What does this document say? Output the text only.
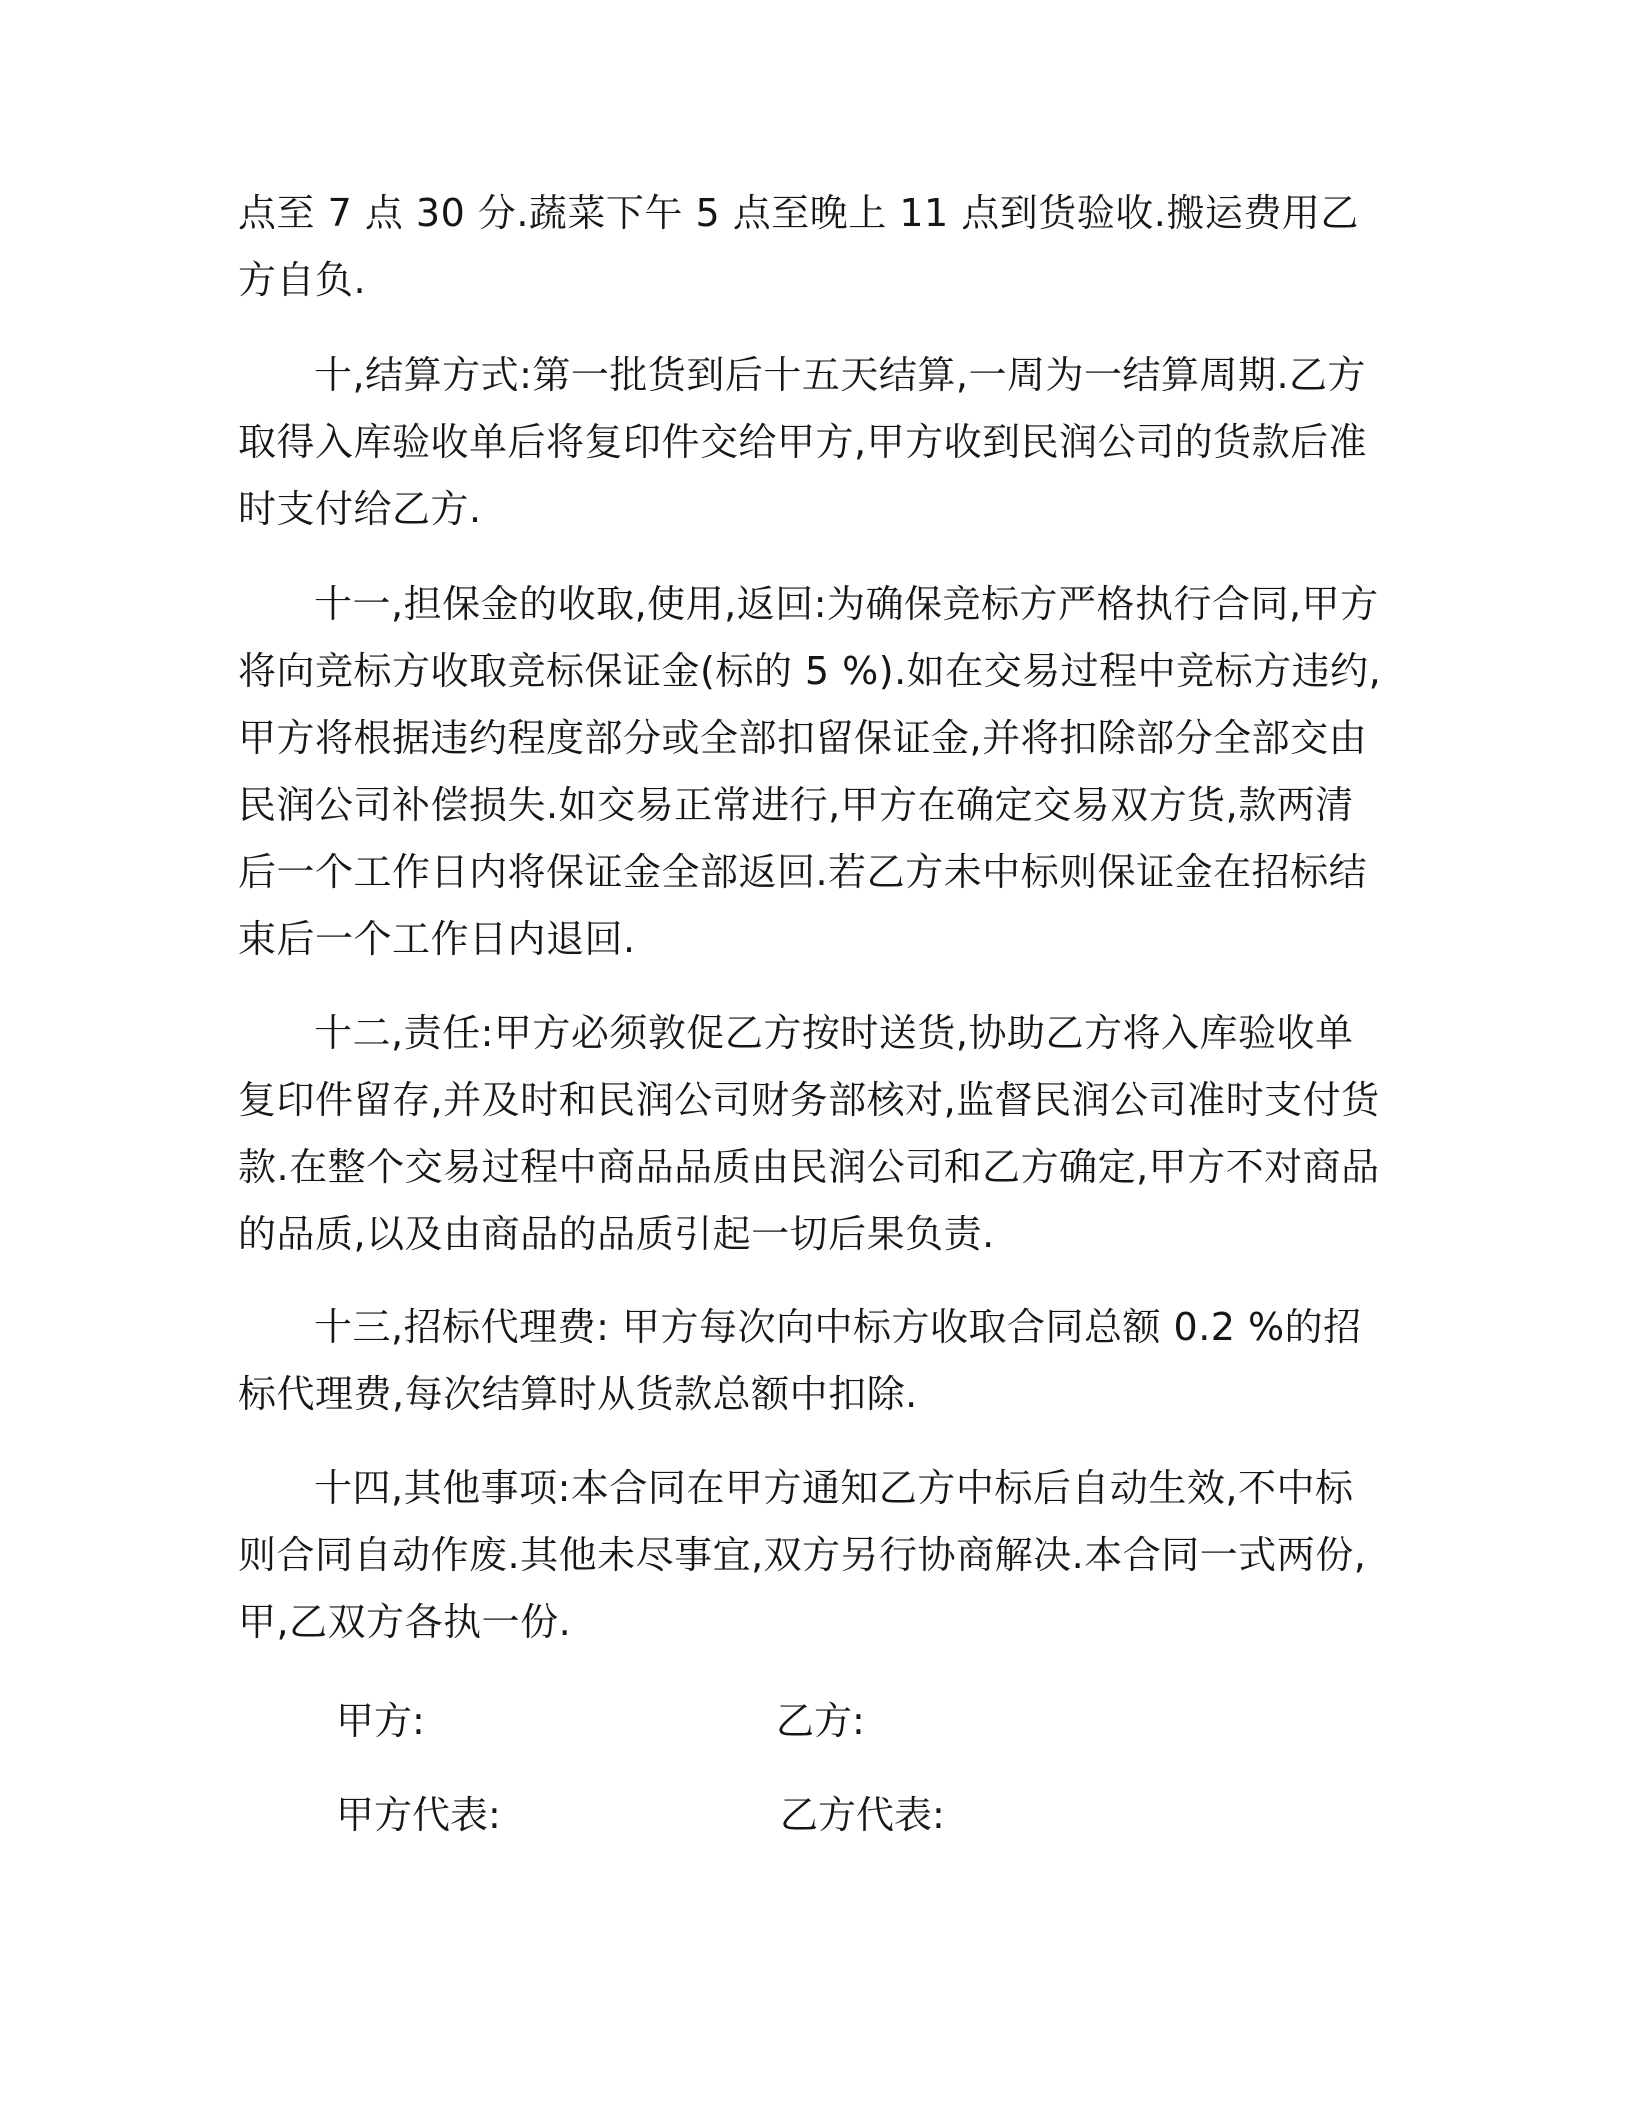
点至 7 点 30 分.蔬菜下午 5 点至晚上 11 点到货验收.搬运费用乙方自负.

十,结算方式:第一批货到后十五天结算,一周为一结算周期.乙方取得入库验收单后将复印件交给甲方,甲方收到民润公司的货款后准时支付给乙方.

十一,担保金的收取,使用,返回:为确保竞标方严格执行合同,甲方将向竞标方收取竞标保证金(标的 5 %).如在交易过程中竞标方违约,甲方将根据违约程度部分或全部扣留保证金,并将扣除部分全部交由民润公司补偿损失.如交易正常进行,甲方在确定交易双方货,款两清后一个工作日内将保证金全部返回.若乙方未中标则保证金在招标结束后一个工作日内退回.

十二,责任:甲方必须敦促乙方按时送货,协助乙方将入库验收单复印件留存,并及时和民润公司财务部核对,监督民润公司准时支付货款.在整个交易过程中商品品质由民润公司和乙方确定,甲方不对商品的品质,以及由商品的品质引起一切后果负责.

十三,招标代理费: 甲方每次向中标方收取合同总额 0.2 %的招标代理费,每次结算时从货款总额中扣除.

十四,其他事项:本合同在甲方通知乙方中标后自动生效,不中标则合同自动作废.其他未尽事宜,双方另行协商解决.本合同一式两份,甲,乙双方各执一份.

甲方:	乙方:

甲方代表:	乙方代表:
